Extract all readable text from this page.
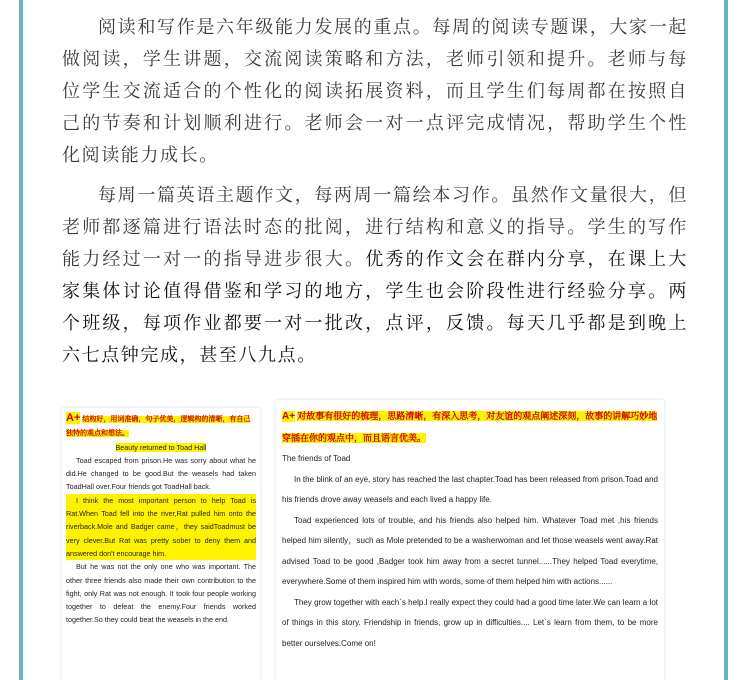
阅读和写作是六年级能力发展的重点。每周的阅读专题课，大家一起做阅读，学生讲题，交流阅读策略和方法，老师引领和提升。老师与每位学生交流适合的个性化的阅读拓展资料，而且学生们每周都在按照自己的节奏和计划顺利进行。老师会一对一点评完成情况，帮助学生个性化阅读能力成长。

每周一篇英语主题作文，每两周一篇绘本习作。虽然作文量很大，但老师都逐篇进行语法时态的批阅，进行结构和意义的指导。学生的写作能力经过一对一的指导进步很大。优秀的作文会在群内分享，在课上大家集体讨论值得借鉴和学习的地方，学生也会阶段性进行经验分享。两个班级，每项作业都要一对一批改，点评，反馈。每天几乎都是到晚上六七点钟完成，甚至八九点。

A+ 结构好，用词准确，句子优美，逻辑构的清晰，有自己独特的观点和想法。
Beauty returned to Toad Hall

Toad escaped from prison.He was sorry about what he did.He changed to be good.But the weasels had taken ToadHall over.Four friends got ToadHall back.

I think the most important person to help Toad is Rat.When Toad fell into the river,Rat pulled him onto the riverback.Mole and Badger came，they saidToadmust be very clever.But Rat was pretty sober to deny them and answered don't encourage him.

But he was not the only one who was important. The other three friends also made their own contribution to the fight, only Rat was not enough. It took four people working together to defeat the enemy.Four friends worked together.So they could beat the weasels in the end.

A+ 对故事有很好的梳理，思路清晰，有深入思考，对友谊的观点阐述深刻，故事的讲解巧妙地穿插在你的观点中，而且语言优美。

The friends of Toad

In the blink of an eye, story has reached the last chapter.Toad has been released from prison.Toad and his friends drove away weasels and each lived a happy life.

Toad experienced lots of trouble, and his friends also helped him. Whatever Toad met ,his friends helped him silently，such as Mole pretended to be a washerwoman and let those weasels went away.Rat advised Toad to be good ,Badger took him away from a secret tunnel......They helped Toad everytime, everywhere.Some of them inspired him with words, some of them helped him with actions......

They grow together with each`s help.I really expect they could had a good time later.We can learn a lot of things in this story. Friendship in friends, grow up in difficulties.... Let`s learn from them, to be more better ourselves.Come on!
